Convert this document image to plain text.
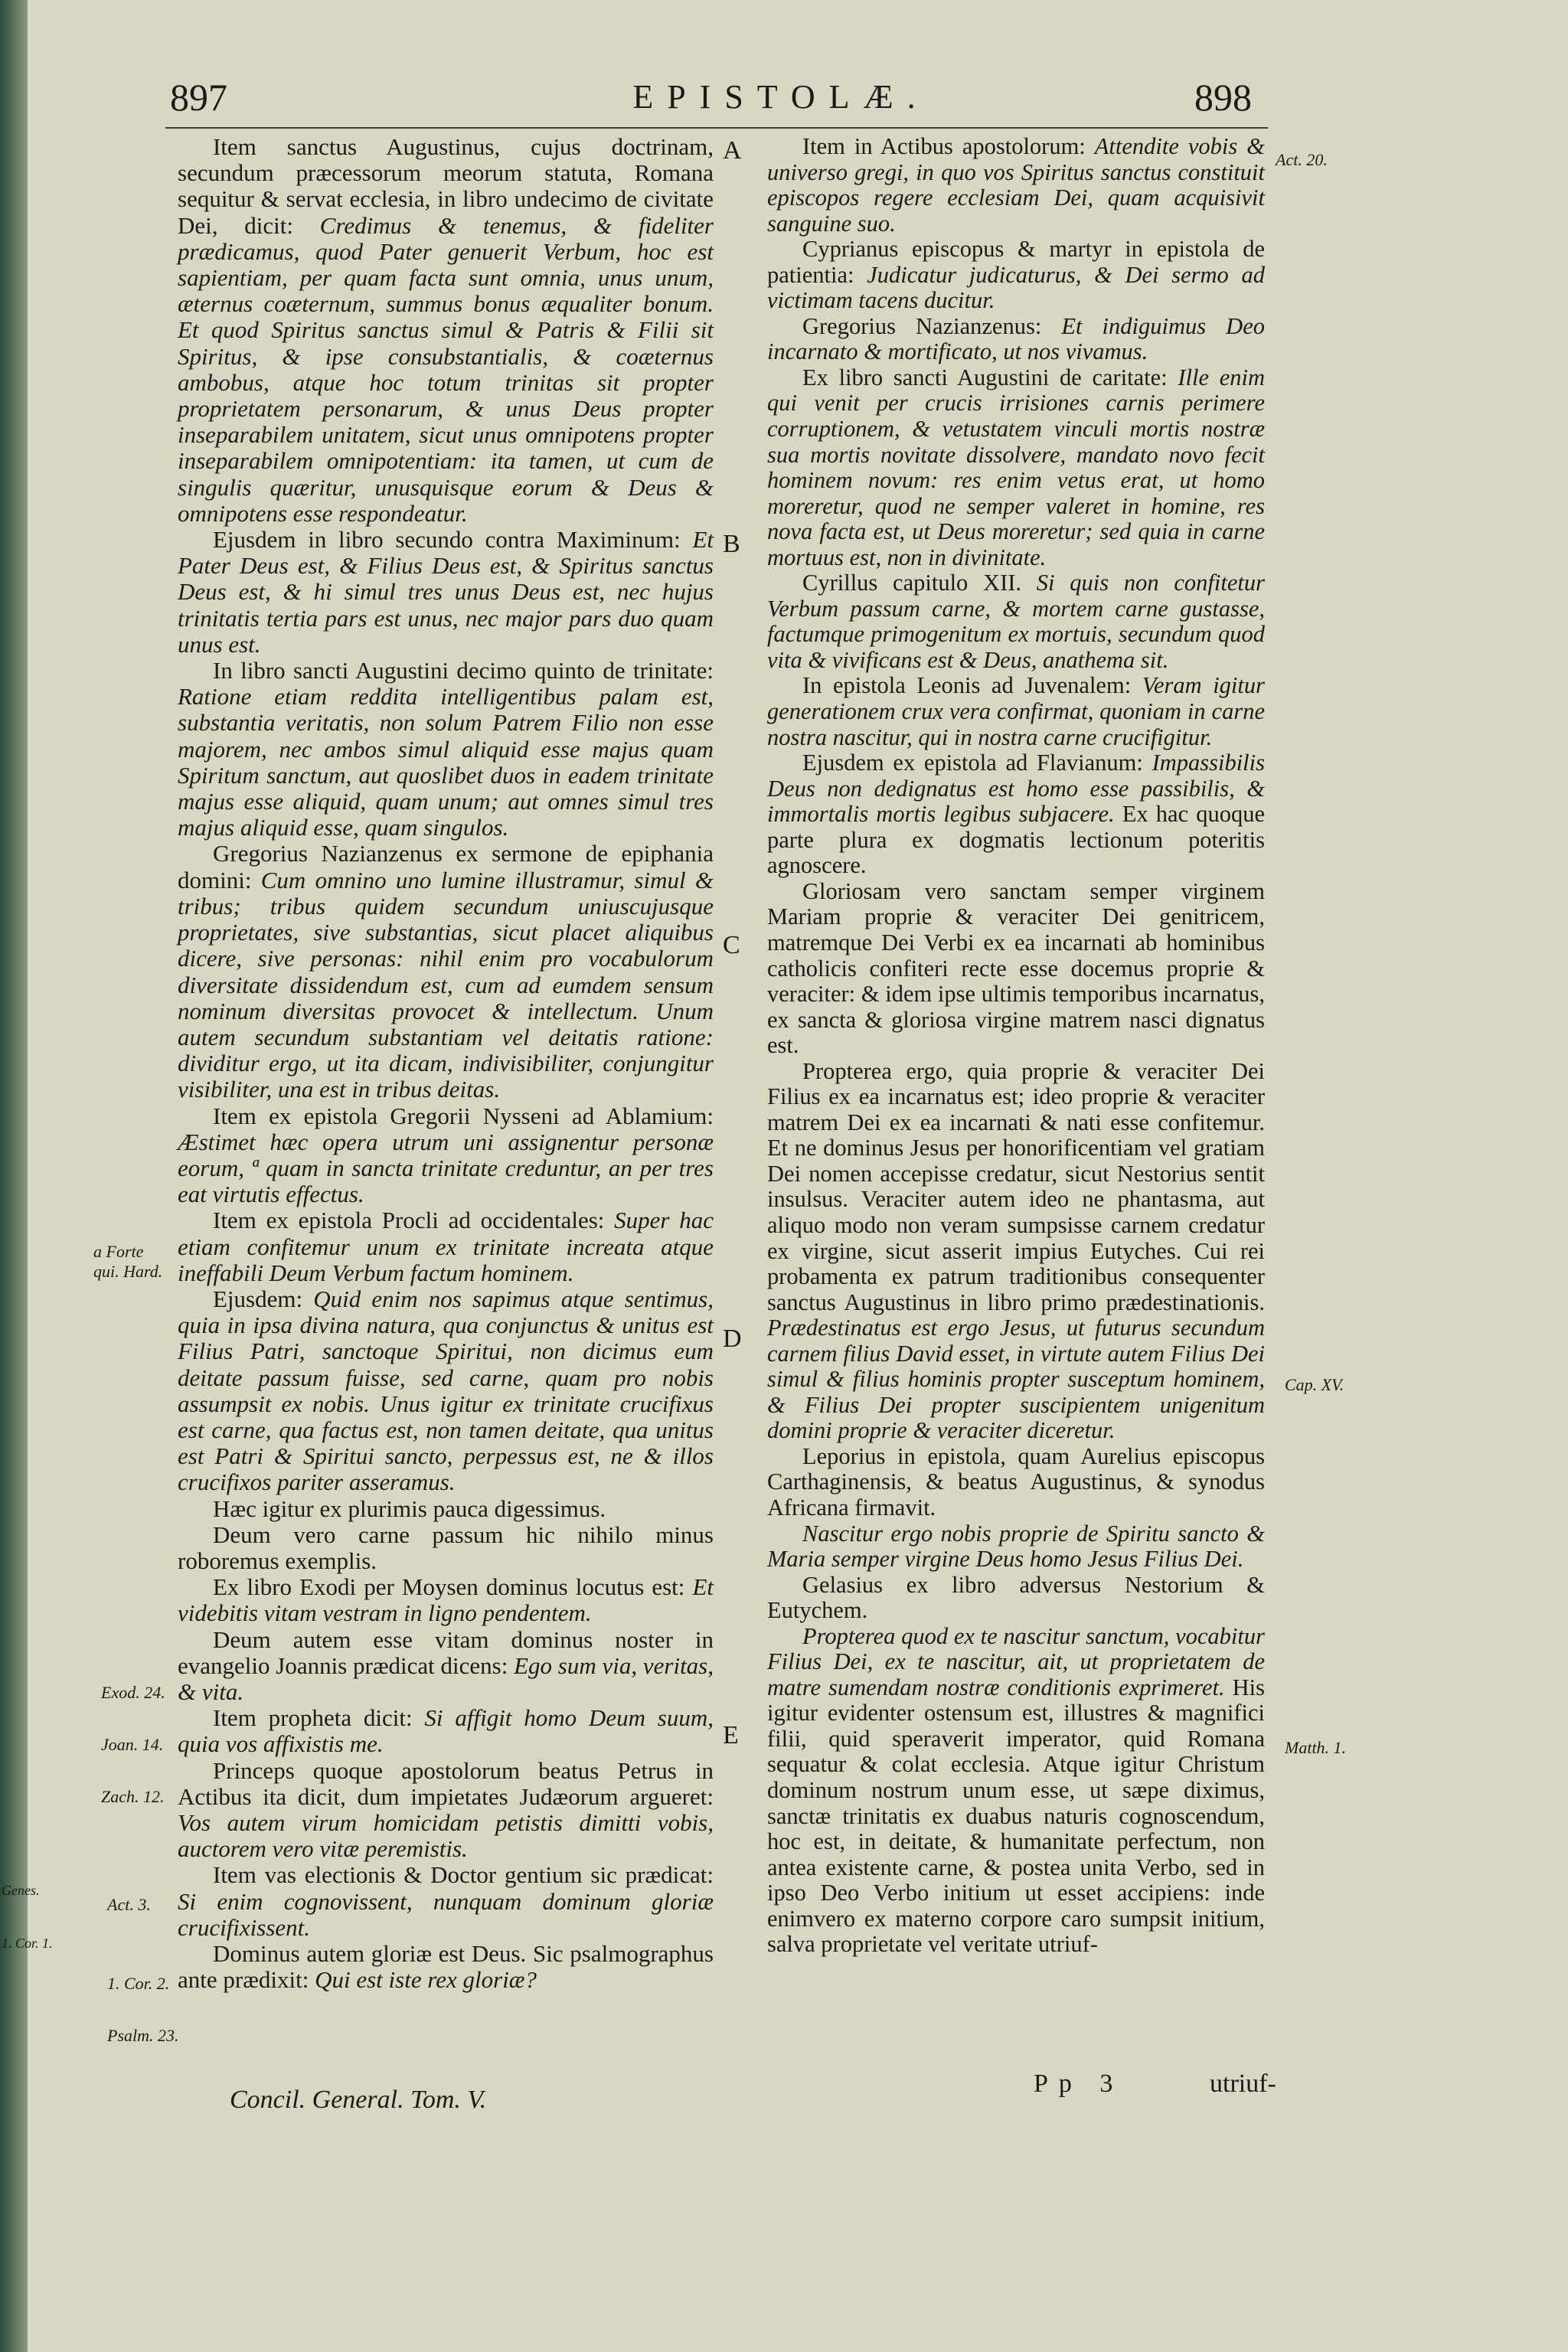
897	EPISTOLÆ.	898

Item sanctus Augustinus, cujus doctrinam, secundum præcessorum meorum statuta, Romana sequitur & servat ecclesia, in libro undecimo de civitate Dei, dicit: Credimus & tenemus, & fideliter prædicamus, quod Pater genuerit Verbum, hoc est sapientiam, per quam facta sunt omnia, unus unum, æternus coæternum, summus bonus æqualiter bonum. Et quod Spiritus sanctus simul & Patris & Filii sit Spiritus, & ipse consubstantialis, & coæternus ambobus, atque hoc totum trinitas sit propter proprietatem personarum, & unus Deus propter inseparabilem unitatem, sicut unus omnipotens propter inseparabilem omnipotentiam: ita tamen, ut cum de singulis quæritur, unusquisque eorum & Deus & omnipotens esse respondeatur.

Ejusdem in libro secundo contra Maximinum: Et Pater Deus est, & Filius Deus est, & Spiritus sanctus Deus est, & hi simul tres unus Deus est, nec hujus trinitatis tertia pars est unus, nec major pars duo quam unus est.

In libro sancti Augustini decimo quinto de trinitate: Ratione etiam reddita intelligentibus palam est, substantia veritatis, non solum Patrem Filio non esse majorem, nec ambos simul aliquid esse majus quam Spiritum sanctum, aut quoslibet duos in eadem trinitate majus esse aliquid, quam unum; aut omnes simul tres majus aliquid esse, quam singulos.

Gregorius Nazianzenus ex sermone de epiphania domini: Cum omnino uno lumine illustramur, simul & tribus; tribus quidem secundum uniuscujusque proprietates, sive substantias, sicut placet aliquibus dicere, sive personas: nihil enim pro vocabulorum diversitate dissidendum est, cum ad eumdem sensum nominum diversitas provocet & intellectum. Unum autem secundum substantiam vel deitatis ratione: dividitur ergo, ut ita dicam, indivisibiliter, conjungitur visibiliter, una est in tribus deitas.

Item ex epistola Gregorii Nysseni ad Ablamium: Æstimet hæc opera utrum uni assignentur personæ eorum, ª quam in sancta trinitate creduntur, an per tres eat virtutis effectus.

Item ex epistola Procli ad occidentales: Super hac etiam confitemur unum ex trinitate increata atque ineffabili Deum Verbum factum hominem.

Ejusdem: Quid enim nos sapimus atque sentimus, quia in ipsa divina natura, qua conjunctus & unitus est Filius Patri, sanctoque Spiritui, non dicimus eum deitate passum fuisse, sed carne, quam pro nobis assumpsit ex nobis. Unus igitur ex trinitate crucifixus est carne, qua factus est, non tamen deitate, qua unitus est Patri & Spiritui sancto, perpessus est, ne & illos crucifixos pariter asseramus.

Hæc igitur ex plurimis pauca digessimus.

Deum vero carne passum hic nihilo minus roboremus exemplis.

Ex libro Exodi per Moysen dominus locutus est: Et videbitis vitam vestram in ligno pendentem.

Deum autem esse vitam dominus noster in evangelio Joannis prædicat dicens: Ego sum via, veritas, & vita.

Item propheta dicit: Si affigit homo Deum suum, quia vos affixistis me.

Princeps quoque apostolorum beatus Petrus in Actibus ita dicit, dum impietates Judæorum argueret: Vos autem virum homicidam petistis dimitti vobis, auctorem vero vitæ peremistis.

Item vas electionis & Doctor gentium sic prædicat: Si enim cognovissent, nunquam dominum gloriæ crucifixissent.

Dominus autem gloriæ est Deus. Sic psalmographus ante prædixit: Qui est iste rex gloriæ?

Item in Actibus apostolorum: Attendite vobis & universo gregi, in quo vos Spiritus sanctus constituit episcopos regere ecclesiam Dei, quam acquisivit sanguine suo.

Cyprianus episcopus & martyr in epistola de patientia: Judicatur judicaturus, & Dei sermo ad victimam tacens ducitur.

Gregorius Nazianzenus: Et indiguimus Deo incarnato & mortificato, ut nos vivamus.

Ex libro sancti Augustini de caritate: Ille enim qui venit per crucis irrisiones carnis perimere corruptionem, & vetustatem vinculi mortis nostræ sua mortis novitate dissolvere, mandato novo fecit hominem novum: res enim vetus erat, ut homo moreretur, quod ne semper valeret in homine, res nova facta est, ut Deus moreretur; sed quia in carne mortuus est, non in divinitate.

Cyrillus capitulo XII. Si quis non confitetur Verbum passum carne, & mortem carne gustasse, factumque primogenitum ex mortuis, secundum quod vita & vivificans est & Deus, anathema sit.

In epistola Leonis ad Juvenalem: Veram igitur generationem crux vera confirmat, quoniam in carne nostra nascitur, qui in nostra carne crucifigitur.

Ejusdem ex epistola ad Flavianum: Impassibilis Deus non dedignatus est homo esse passibilis, & immortalis mortis legibus subjacere. Ex hac quoque parte plura ex dogmatis lectionum poteritis agnoscere.

Gloriosam vero sanctam semper virginem Mariam proprie & veraciter Dei genitricem, matremque Dei Verbi ex ea incarnati ab hominibus catholicis confiteri recte esse docemus proprie & veraciter: & idem ipse ultimis temporibus incarnatus, ex sancta & gloriosa virgine matrem nasci dignatus est.

Propterea ergo, quia proprie & veraciter Dei Filius ex ea incarnatus est; ideo proprie & veraciter matrem Dei ex ea incarnati & nati esse confitemur. Et ne dominus Jesus per honorificentiam vel gratiam Dei nomen accepisse credatur, sicut Nestorius sentit insulsus. Veraciter autem ideo ne phantasma, aut aliquo modo non veram sumpsisse carnem credatur ex virgine, sicut asserit impius Eutyches. Cui rei probamenta ex patrum traditionibus consequenter sanctus Augustinus in libro primo prædestinationis. Prædestinatus est ergo Jesus, ut futurus secundum carnem filius David esset, in virtute autem Filius Dei simul & filius hominis propter susceptum hominem, & Filius Dei propter suscipientem unigenitum domini proprie & veraciter diceretur.

Leporius in epistola, quam Aurelius episcopus Carthaginensis, & beatus Augustinus, & synodus Africana firmavit.

Nascitur ergo nobis proprie de Spiritu sancto & Maria semper virgine Deus homo Jesus Filius Dei.

Gelasius ex libro adversus Nestorium & Eutychem.

Propterea quod ex te nascitur sanctum, vocabitur Filius Dei, ex te nascitur, ait, ut proprietatem de matre sumendam nostræ conditionis exprimeret. His igitur evidenter ostensum est, illustres & magnifici filii, quid speraverit imperator, quid Romana sequatur & colat ecclesia. Atque igitur Christum dominum nostrum unum esse, ut sæpe diximus, sanctæ trinitatis ex duabus naturis cognoscendum, hoc est, in deitate, & humanitate perfectum, non antea existente carne, & postea unita Verbo, sed in ipso Deo Verbo initium ut esset accipiens: inde enimvero ex materno corpore caro sumpsit initium, salva proprietate vel veritate utriuf-

A
B
C
D
E
a Forte qui. Hard.
Exod. 24.
Joan. 14.
Zach. 12.
Act. 3.
1. Cor. 2.
Psalm. 23.
Genes.
1. Cor. 1.
Act. 20.
Cap. XV.
Matth. 1.
Concil. General. Tom. V.
Pp 3	utriuf-
